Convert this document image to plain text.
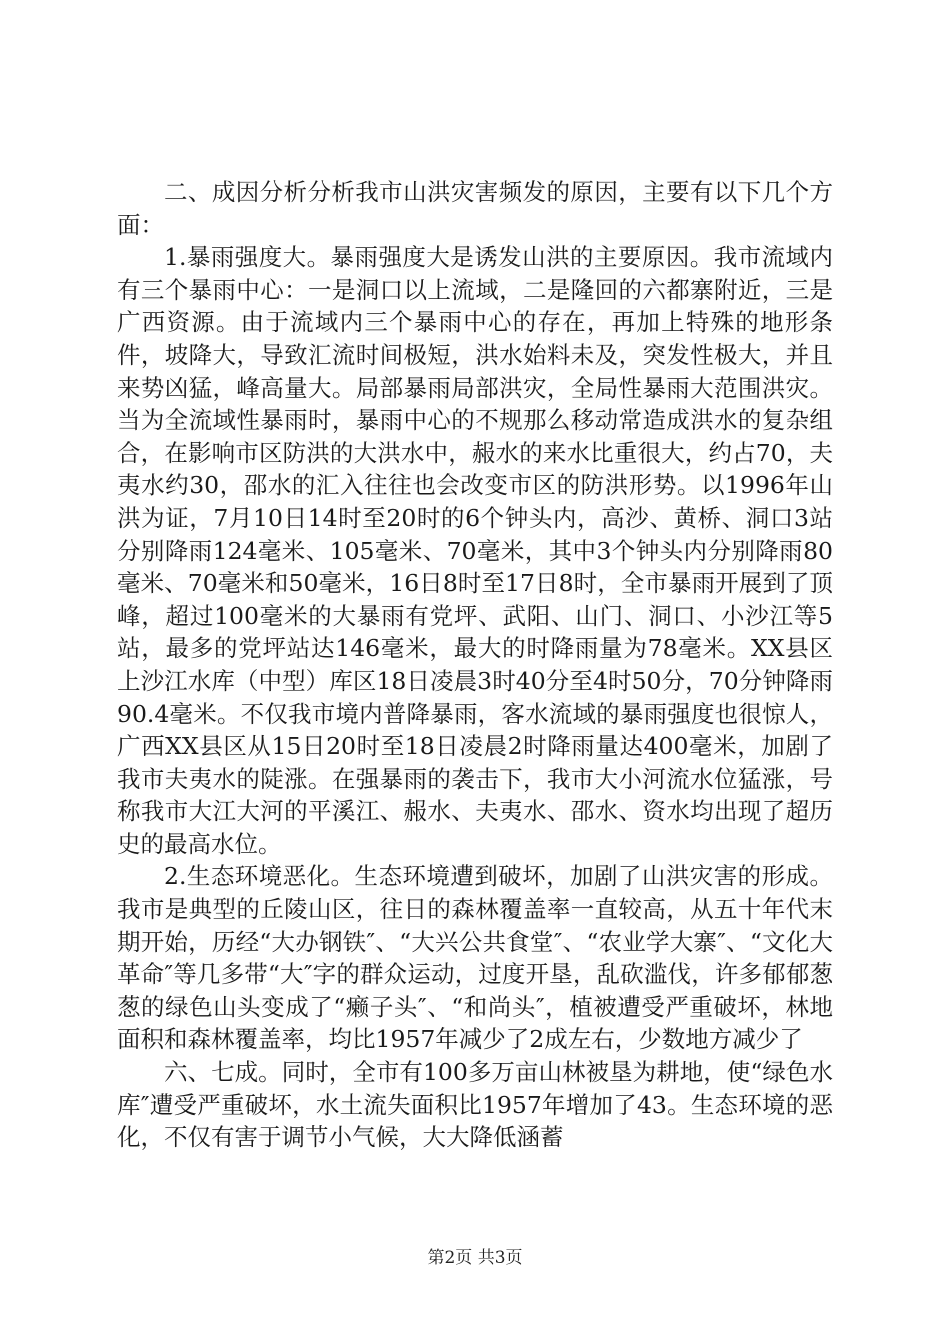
二、成因分析分析我市山洪灾害频发的原因，主要有以下几个方面：

1.暴雨强度大。暴雨强度大是诱发山洪的主要原因。我市流域内有三个暴雨中心：一是洞口以上流域，二是隆回的六都寨附近，三是广西资源。由于流域内三个暴雨中心的存在，再加上特殊的地形条件，坡降大，导致汇流时间极短，洪水始料未及，突发性极大，并且来势凶猛，峰高量大。局部暴雨局部洪灾，全局性暴雨大范围洪灾。当为全流域性暴雨时，暴雨中心的不规那么移动常造成洪水的复杂组合，在影响市区防洪的大洪水中，赧水的来水比重很大，约占70，夫夷水约30，邵水的汇入往往也会改变市区的防洪形势。以1996年山洪为证，7月10日14时至20时的6个钟头内，高沙、黄桥、洞口3站分别降雨124毫米、105毫米、70毫米，其中3个钟头内分别降雨80毫米、70毫米和50毫米，16日8时至17日8时，全市暴雨开展到了顶峰，超过100毫米的大暴雨有党坪、武阳、山门、洞口、小沙江等5站，最多的党坪站达146毫米，最大的时降雨量为78毫米。XX县区上沙江水库（中型）库区18日凌晨3时40分至4时50分，70分钟降雨90.4毫米。不仅我市境内普降暴雨，客水流域的暴雨强度也很惊人，广西XX县区从15日20时至18日凌晨2时降雨量达400毫米，加剧了我市夫夷水的陡涨。在强暴雨的袭击下，我市大小河流水位猛涨，号称我市大江大河的平溪江、赧水、夫夷水、邵水、资水均出现了超历史的最高水位。

2.生态环境恶化。生态环境遭到破坏，加剧了山洪灾害的形成。我市是典型的丘陵山区，往日的森林覆盖率一直较高，从五十年代末期开始，历经“大办钢铁″、“大兴公共食堂″、“农业学大寨″、“文化大革命″等几多带“大″字的群众运动，过度开垦，乱砍滥伐，许多郁郁葱葱的绿色山头变成了“癞子头″、“和尚头″，植被遭受严重破坏，林地面积和森林覆盖率，均比1957年减少了2成左右，少数地方减少了

六、七成。同时，全市有100多万亩山林被垦为耕地，使“绿色水库″遭受严重破坏，水土流失面积比1957年增加了43。生态环境的恶化，不仅有害于调节小气候，大大降低涵蓄

第2页 共3页
